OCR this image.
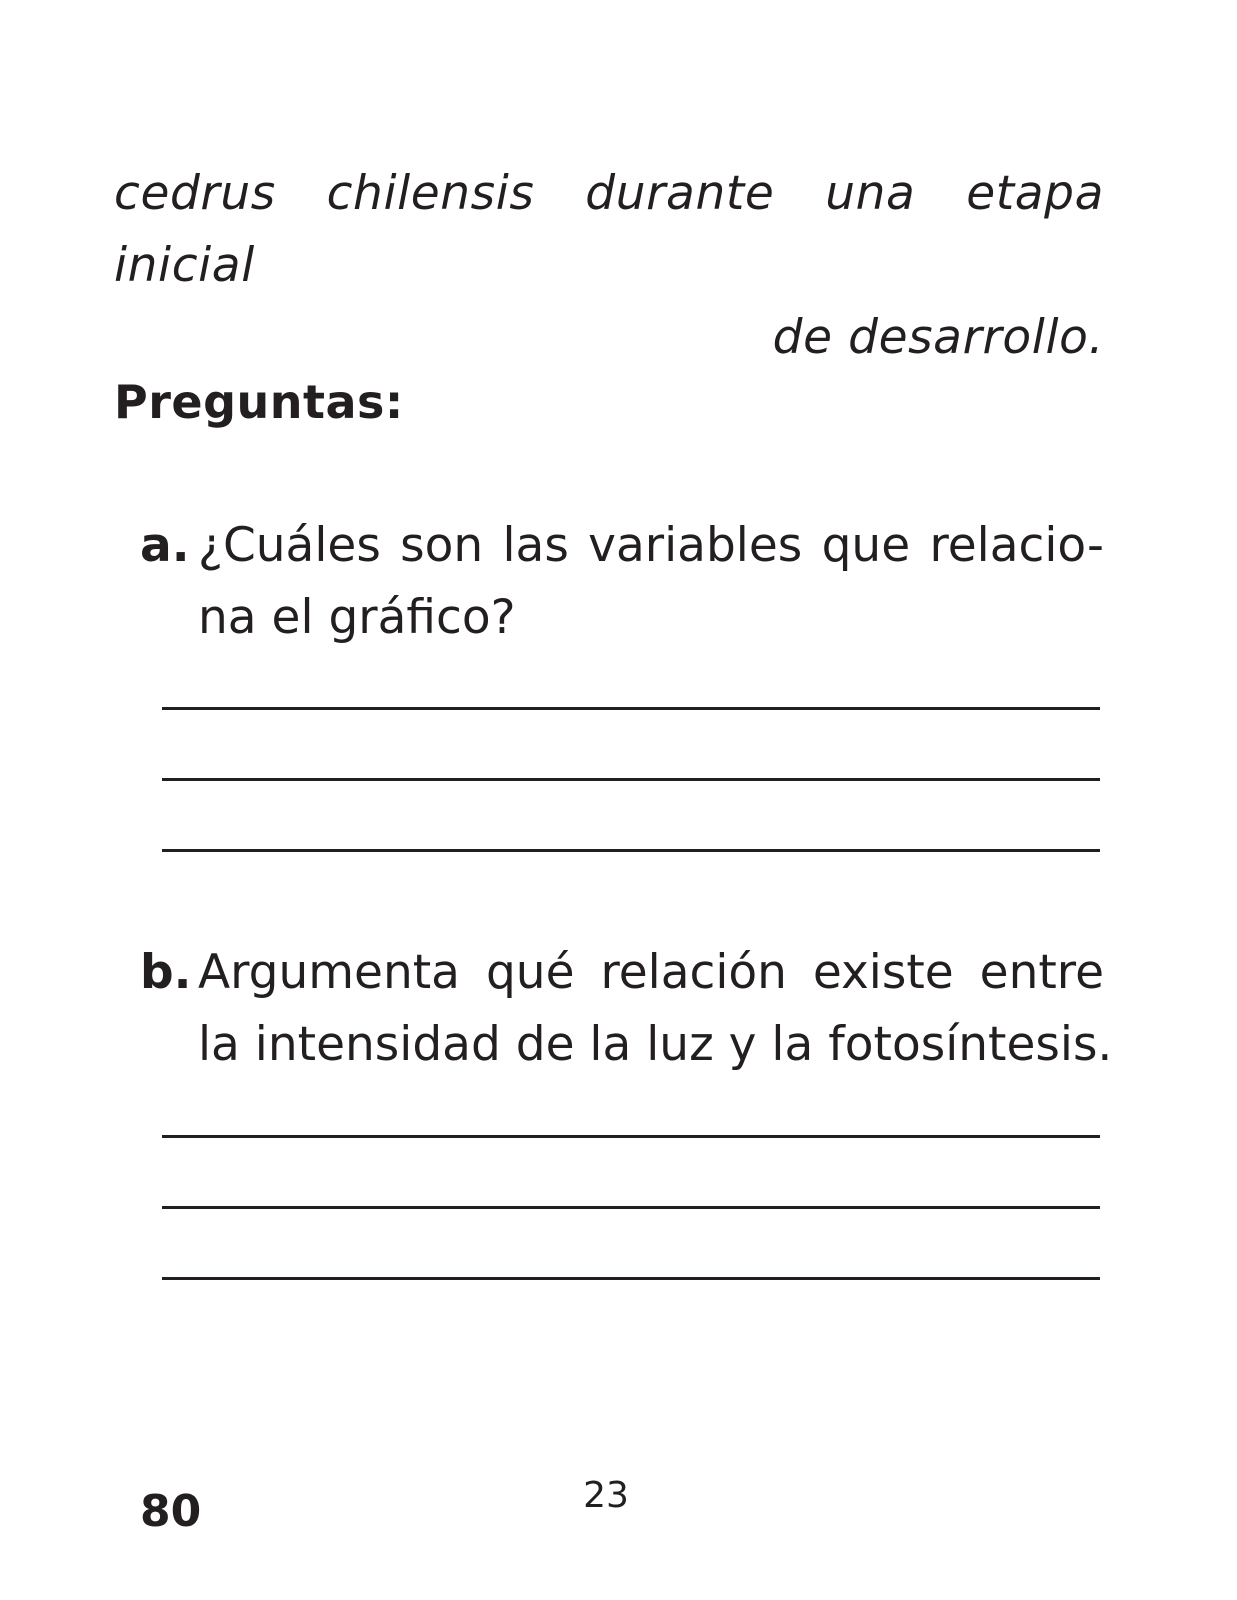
cedrus chilensis durante una etapa inicial
de desarrollo.
Preguntas:
a. ¿Cuáles son las variables que relacio-
na el gráfico?
b. Argumenta qué relación existe entre
la intensidad de la luz y la fotosíntesis.
80	23
